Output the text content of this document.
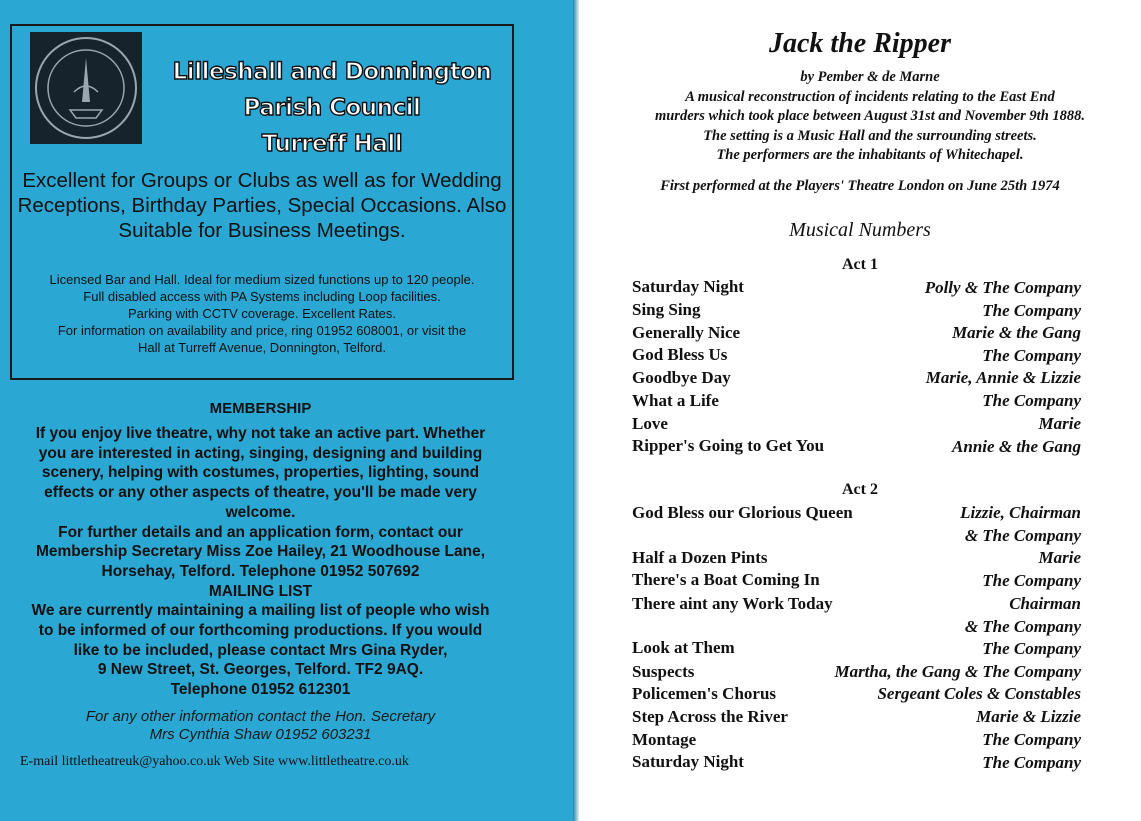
Lilleshall and Donnington Parish Council
Turreff Hall
Excellent for Groups or Clubs as well as for Wedding Receptions, Birthday Parties, Special Occasions. Also Suitable for Business Meetings.
Licensed Bar and Hall. Ideal for medium sized functions up to 120 people.
Full disabled access with PA Systems including Loop facilities.
Parking with CCTV coverage. Excellent Rates.
For information on availability and price, ring 01952 608001, or visit the
Hall at Turreff Avenue, Donnington, Telford.
MEMBERSHIP
If you enjoy live theatre, why not take an active part. Whether
you are interested in acting, singing, designing and building
scenery, helping with costumes, properties, lighting, sound
effects or any other aspects of theatre, you'll be made very
welcome.
For further details and an application form, contact our
Membership Secretary Miss Zoe Hailey, 21 Woodhouse Lane,
Horsehay, Telford. Telephone 01952 507692
MAILING LIST
We are currently maintaining a mailing list of people who wish
to be informed of our forthcoming productions. If you would
like to be included, please contact Mrs Gina Ryder,
9 New Street, St. Georges, Telford. TF2 9AQ.
Telephone 01952 612301
For any other information contact the Hon. Secretary
Mrs Cynthia Shaw 01952 603231
E-mail littletheatreuk@yahoo.co.uk Web Site www.littletheatre.co.uk
Jack the Ripper
by Pember & de Marne
A musical reconstruction of incidents relating to the East End
murders which took place between August 31st and November 9th 1888.
The setting is a Music Hall and the surrounding streets.
The performers are the inhabitants of Whitechapel.
First performed at the Players' Theatre London on June 25th 1974
Musical Numbers
Act 1
Saturday Night	Polly & The Company
Sing Sing	The Company
Generally Nice	Marie & the Gang
God Bless Us	The Company
Goodbye Day	Marie, Annie & Lizzie
What a Life	The Company
Love	Marie
Ripper's Going to Get You	Annie & the Gang
Act 2
God Bless our Glorious Queen	Lizzie, Chairman
& The Company
Half a Dozen Pints	Marie
There's a Boat Coming In	The Company
There aint any Work Today	Chairman
& The Company
Look at Them	The Company
Suspects	Martha, the Gang & The Company
Policemen's Chorus	Sergeant Coles & Constables
Step Across the River	Marie & Lizzie
Montage	The Company
Saturday Night	The Company
